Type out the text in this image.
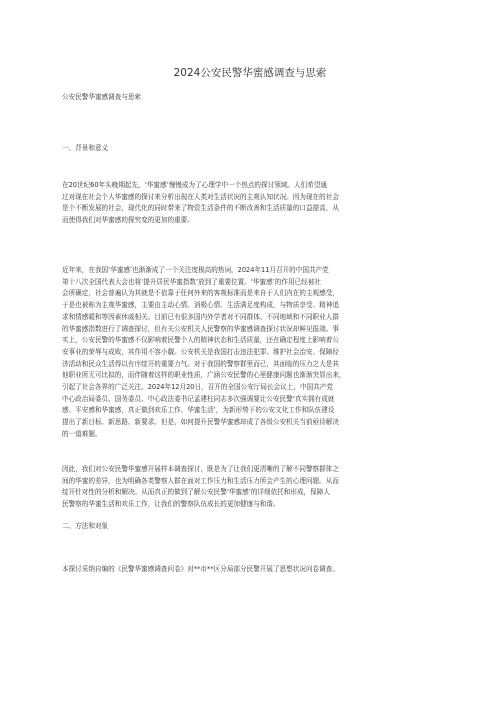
2024公安民警华蜜感调查与思索
公安民警华蜜感调查与思索
一、背景和意义
在20世纪60年头晚期起先，‘华蜜感’慢慢成为了心理学中一个热点的探讨领域。人们希望通
过对现在社会个人华蜜感的探讨来分析出现在人类对生活状况的主观认知状况。因为现在的社会
是个不断发展的社会，现代化的同时带来了物资生活条件的不断改善和生活质量的口益提高，从
而使得我们对华蜜感的探究变的更加的重要。
近年来，在我国‘华蜜感’也渐渐成了一个关注度极高的热词，2024年11月召开的中国共产党
第十八次全国代表大会也将‘提升居民华蜜指数’放到了重要位置。‘华蜜感’的作用已经被社
会所确定，社会普遍认为其就是不依靠于任何外来的客观标准而是来自于人们内在的主观感受，
于是也被称为主观华蜜感，主要由主动心情、消极心情、生活满足度构成，与物质享受、精神追
求和情感暖和等因素休戚相关。目前已有很多国内外学者对不同群体、不同地域和不同职业人群
的华蜜感指数进行了调查探讨，但有关公安机关人民警察的华蜜感调查探讨状况却鲜见报端。事
实上，公安民警的华蜜感不仅影响着民警个人的精神状态和生活质量，还在确定程度上影响着公
安事业的荣辱与成败，其作用不容小觑。公安机关是我国打击违法犯罪、维护社会治安、保障经
济活动和民众生活得以有序绽开的重要力气。对于我国的警察群里而已，其面临的压力之大是其
他职业所无可比拟的，而伴随着这样的职业性质，广涵公安民警的心里健康问题也渐渐突显出来，
引起了社会各界的广泛关注。2024年12月20日，召开的全国公安厅局长会议上，中国共产党
中心政治局委员、国务委员、中心政法委书记孟建柱同志多次强调要让公安民警‘真实拥有成就
感、平安感和华蜜感，真正做到欢乐工作、华蜜生活’，为新形势下的公安文化工作和队伍建设
提出了新目标、新思路、新要求。但是，如何提升民警华蜜感却成了各级公安机关当前亟待解决
的一道难题。
因此，我们对公安民警华蜜感开展样本调查探讨，既是为了让我们更清晰的了解不同警察群体之
间的华蜜的差异，也为明确各类警察人群在面对工作压力和生活压力所会产生的心理问题。从而
绽开针对性的分析和解决。从而真正的做到了解公安民警‘华蜜感’的详细依托和形成，保障人
民警察的华蜜生活和欢乐工作，让我们的警察队伍成长的更加健康与和谐。
二、方法和对象
本探讨采纳自编的《民警华蜜感调查问卷》对**市**区分局部分民警开展了思想状况问卷调查。
